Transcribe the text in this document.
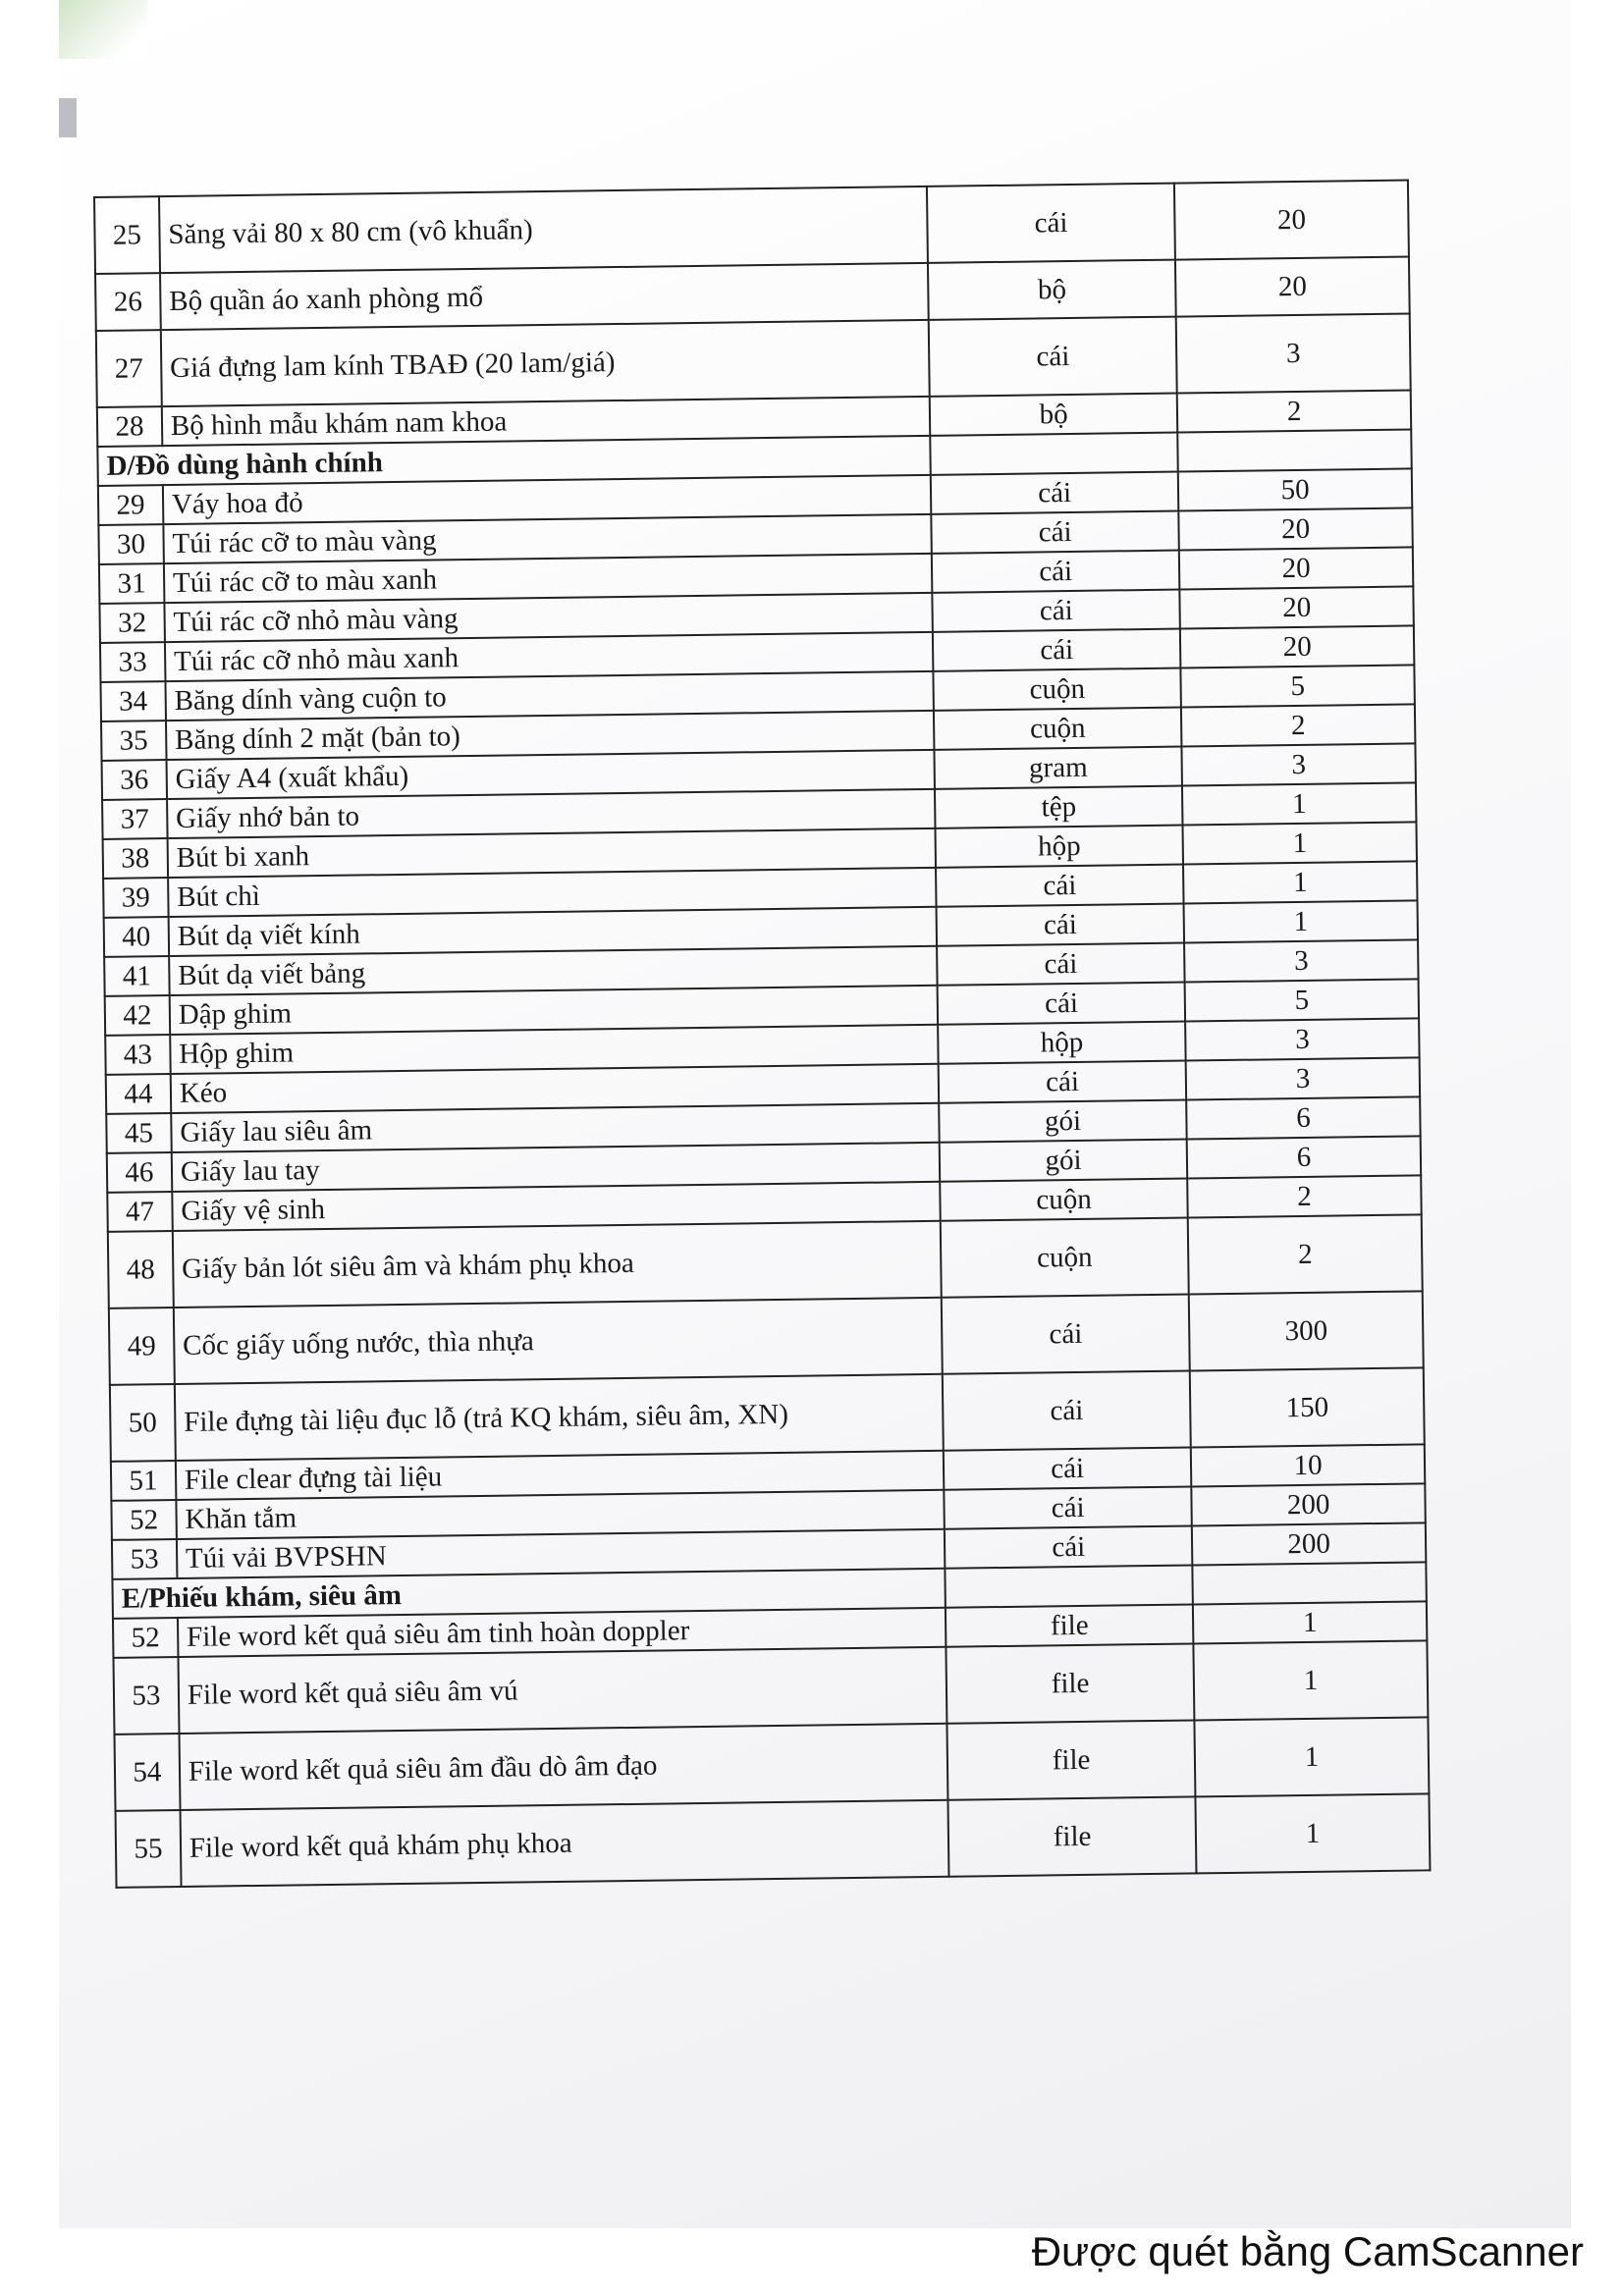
25	Săng vải 80 x 80 cm (vô khuẩn)	cái	20
26	Bộ quần áo xanh phòng mổ	bộ	20
27	Giá đựng lam kính TBAĐ (20 lam/giá)	cái	3
28	Bộ hình mẫu khám nam khoa	bộ	2
D/Đồ dùng hành chính			
29	Váy hoa đỏ	cái	50
30	Túi rác cỡ to màu vàng	cái	20
31	Túi rác cỡ to màu xanh	cái	20
32	Túi rác cỡ nhỏ màu vàng	cái	20
33	Túi rác cỡ nhỏ màu xanh	cái	20
34	Băng dính vàng cuộn to	cuộn	5
35	Băng dính 2 mặt (bản to)	cuộn	2
36	Giấy A4 (xuất khẩu)	gram	3
37	Giấy nhớ bản to	tệp	1
38	Bút bi xanh	hộp	1
39	Bút chì	cái	1
40	Bút dạ viết kính	cái	1
41	Bút dạ viết bảng	cái	3
42	Dập ghim	cái	5
43	Hộp ghim	hộp	3
44	Kéo	cái	3
45	Giấy lau siêu âm	gói	6
46	Giấy lau tay	gói	6
47	Giấy vệ sinh	cuộn	2
48	Giấy bản lót siêu âm và khám phụ khoa	cuộn	2
49	Cốc giấy uống nước, thìa nhựa	cái	300
50	File đựng tài liệu đục lỗ (trả KQ khám, siêu âm, XN)	cái	150
51	File clear đựng tài liệu	cái	10
52	Khăn tắm	cái	200
53	Túi vải BVPSHN	cái	200
E/Phiếu khám, siêu âm			
52	File word kết quả siêu âm tinh hoàn doppler	file	1
53	File word kết quả siêu âm vú	file	1
54	File word kết quả siêu âm đầu dò âm đạo	file	1
55	File word kết quả khám phụ khoa	file	1
Được quét bằng CamScanner
